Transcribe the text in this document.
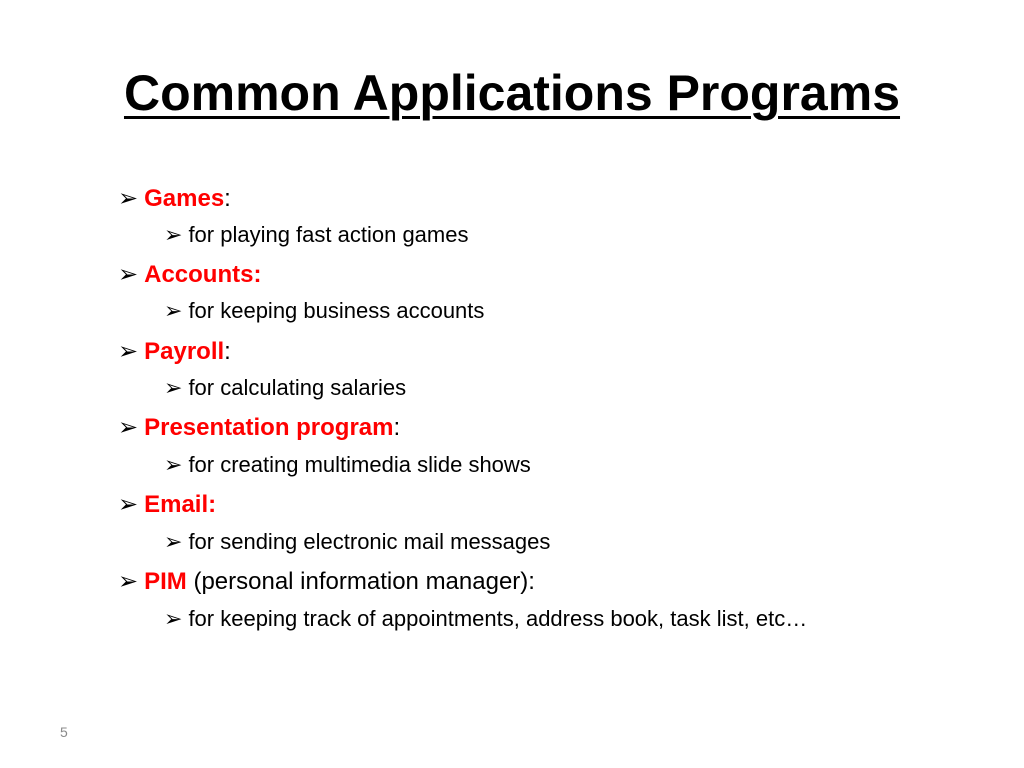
Common Applications Programs
➢ Games:
➢ for playing fast action games
➢ Accounts:
➢ for keeping business accounts
➢ Payroll:
➢ for calculating salaries
➢ Presentation program:
➢ for creating multimedia slide shows
➢ Email:
➢ for sending electronic mail messages
➢ PIM (personal information manager):
➢ for keeping track of appointments, address book, task list, etc…
5
